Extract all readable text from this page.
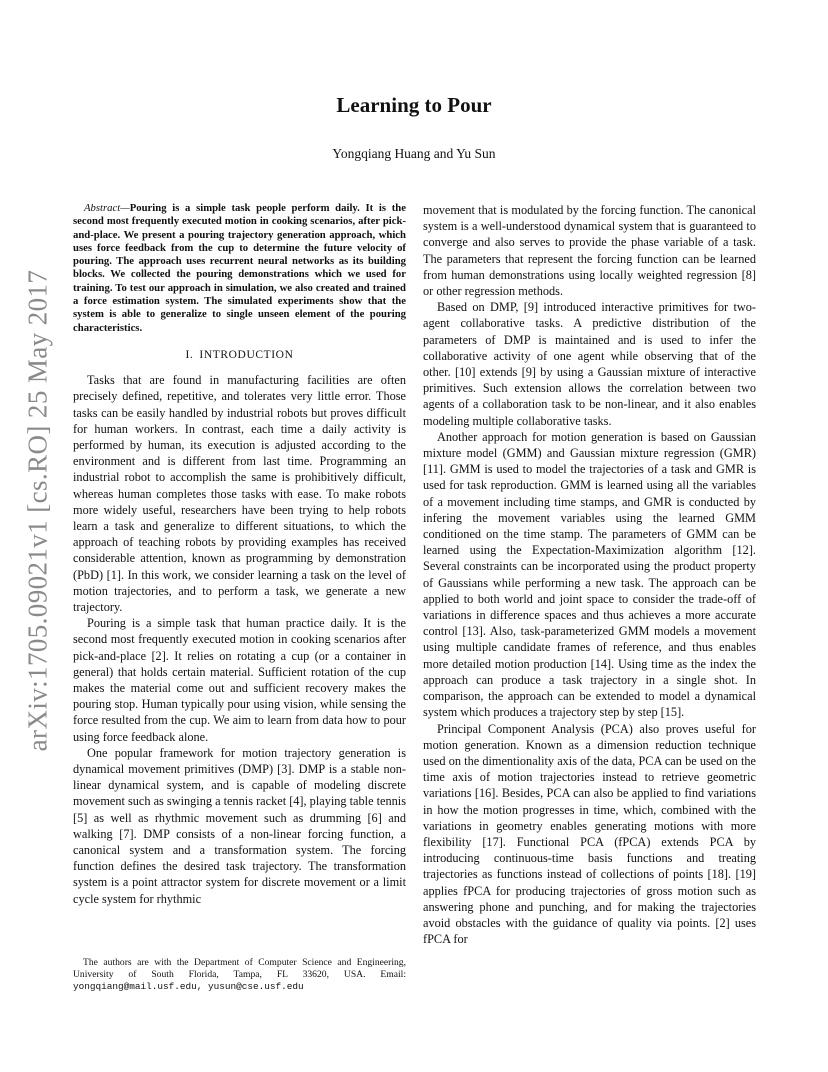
arXiv:1705.09021v1 [cs.RO] 25 May 2017
Learning to Pour
Yongqiang Huang and Yu Sun

Abstract—Pouring is a simple task people perform daily. It is the second most frequently executed motion in cooking scenarios, after pick-and-place. We present a pouring trajectory generation approach, which uses force feedback from the cup to determine the future velocity of pouring. The approach uses recurrent neural networks as its building blocks. We collected the pouring demonstrations which we used for training. To test our approach in simulation, we also created and trained a force estimation system. The simulated experiments show that the system is able to generalize to single unseen element of the pouring characteristics.

I. INTRODUCTION

Tasks that are found in manufacturing facilities are often precisely defined, repetitive, and tolerates very little error. Those tasks can be easily handled by industrial robots but proves difficult for human workers. In contrast, each time a daily activity is performed by human, its execution is adjusted according to the environment and is different from last time. Programming an industrial robot to accomplish the same is prohibitively difficult, whereas human completes those tasks with ease. To make robots more widely useful, researchers have been trying to help robots learn a task and generalize to different situations, to which the approach of teaching robots by providing examples has received considerable attention, known as programming by demonstration (PbD) [1]. In this work, we consider learning a task on the level of motion trajectories, and to perform a task, we generate a new trajectory.

Pouring is a simple task that human practice daily. It is the second most frequently executed motion in cooking scenarios after pick-and-place [2]. It relies on rotating a cup (or a container in general) that holds certain material. Sufficient rotation of the cup makes the material come out and sufficient recovery makes the pouring stop. Human typically pour using vision, while sensing the force resulted from the cup. We aim to learn from data how to pour using force feedback alone.

One popular framework for motion trajectory generation is dynamical movement primitives (DMP) [3]. DMP is a stable non-linear dynamical system, and is capable of modeling discrete movement such as swinging a tennis racket [4], playing table tennis [5] as well as rhythmic movement such as drumming [6] and walking [7]. DMP consists of a non-linear forcing function, a canonical system and a transformation system. The forcing function defines the desired task trajectory. The transformation system is a point attractor system for discrete movement or a limit cycle system for rhythmic

The authors are with the Department of Computer Science and Engineering, University of South Florida, Tampa, FL 33620, USA. Email: yongqiang@mail.usf.edu, yusun@cse.usf.edu

movement that is modulated by the forcing function. The canonical system is a well-understood dynamical system that is guaranteed to converge and also serves to provide the phase variable of a task. The parameters that represent the forcing function can be learned from human demonstrations using locally weighted regression [8] or other regression methods.

Based on DMP, [9] introduced interactive primitives for two-agent collaborative tasks. A predictive distribution of the parameters of DMP is maintained and is used to infer the collaborative activity of one agent while observing that of the other. [10] extends [9] by using a Gaussian mixture of interactive primitives. Such extension allows the correlation between two agents of a collaboration task to be non-linear, and it also enables modeling multiple collaborative tasks.

Another approach for motion generation is based on Gaussian mixture model (GMM) and Gaussian mixture regression (GMR) [11]. GMM is used to model the trajectories of a task and GMR is used for task reproduction. GMM is learned using all the variables of a movement including time stamps, and GMR is conducted by infering the movement variables using the learned GMM conditioned on the time stamp. The parameters of GMM can be learned using the Expectation-Maximization algorithm [12]. Several constraints can be incorporated using the product property of Gaussians while performing a new task. The approach can be applied to both world and joint space to consider the trade-off of variations in difference spaces and thus achieves a more accurate control [13]. Also, task-parameterized GMM models a movement using multiple candidate frames of reference, and thus enables more detailed motion production [14]. Using time as the index the approach can produce a task trajectory in a single shot. In comparison, the approach can be extended to model a dynamical system which produces a trajectory step by step [15].

Principal Component Analysis (PCA) also proves useful for motion generation. Known as a dimension reduction technique used on the dimentionality axis of the data, PCA can be used on the time axis of motion trajectories instead to retrieve geometric variations [16]. Besides, PCA can also be applied to find variations in how the motion progresses in time, which, combined with the variations in geometry enables generating motions with more flexibility [17]. Functional PCA (fPCA) extends PCA by introducing continuous-time basis functions and treating trajectories as functions instead of collections of points [18]. [19] applies fPCA for producing trajectories of gross motion such as answering phone and punching, and for making the trajectories avoid obstacles with the guidance of quality via points. [2] uses fPCA for
